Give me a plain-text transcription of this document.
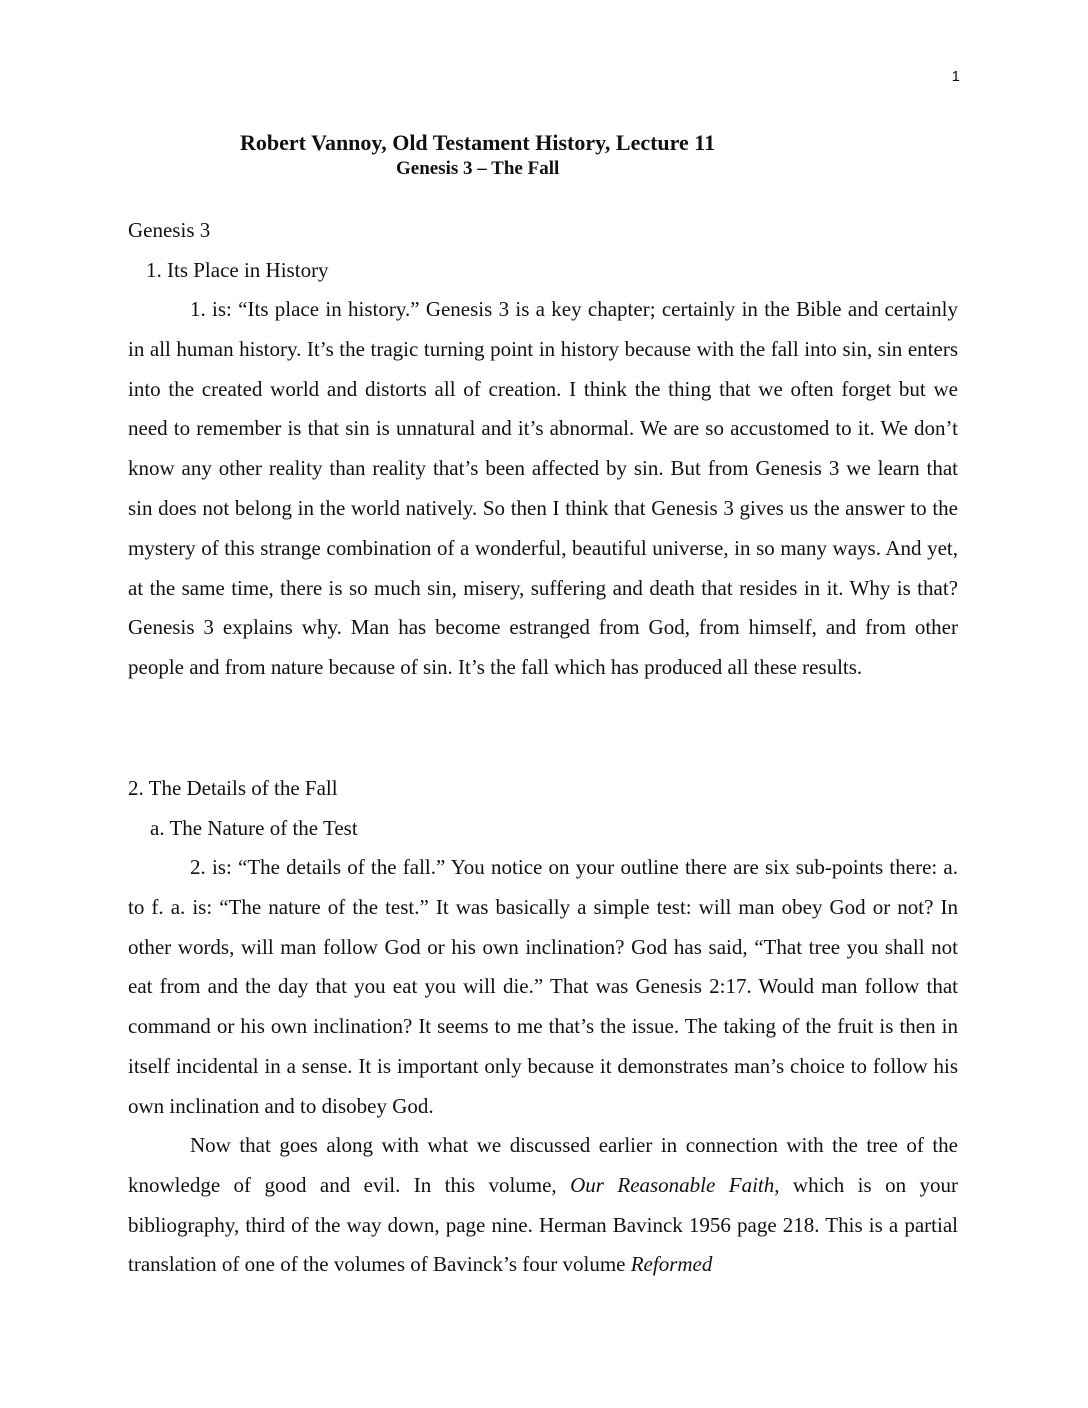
1
Robert Vannoy, Old Testament History, Lecture 11
Genesis 3 – The Fall
Genesis 3
1. Its Place in History
1. is: “Its place in history.” Genesis 3 is a key chapter; certainly in the Bible and certainly in all human history. It’s the tragic turning point in history because with the fall into sin, sin enters into the created world and distorts all of creation. I think the thing that we often forget but we need to remember is that sin is unnatural and it’s abnormal. We are so accustomed to it. We don’t know any other reality than reality that’s been affected by sin. But from Genesis 3 we learn that sin does not belong in the world natively. So then I think that Genesis 3 gives us the answer to the mystery of this strange combination of a wonderful, beautiful universe, in so many ways. And yet, at the same time, there is so much sin, misery, suffering and death that resides in it. Why is that? Genesis 3 explains why. Man has become estranged from God, from himself, and from other people and from nature because of sin. It’s the fall which has produced all these results.
2. The Details of the Fall
a. The Nature of the Test
2. is: “The details of the fall.” You notice on your outline there are six sub-points there: a. to f. a. is: “The nature of the test.” It was basically a simple test: will man obey God or not? In other words, will man follow God or his own inclination? God has said, “That tree you shall not eat from and the day that you eat you will die.” That was Genesis 2:17. Would man follow that command or his own inclination? It seems to me that’s the issue. The taking of the fruit is then in itself incidental in a sense. It is important only because it demonstrates man’s choice to follow his own inclination and to disobey God.
Now that goes along with what we discussed earlier in connection with the tree of the knowledge of good and evil. In this volume, Our Reasonable Faith, which is on your bibliography, third of the way down, page nine. Herman Bavinck 1956 page 218. This is a partial translation of one of the volumes of Bavinck’s four volume Reformed
